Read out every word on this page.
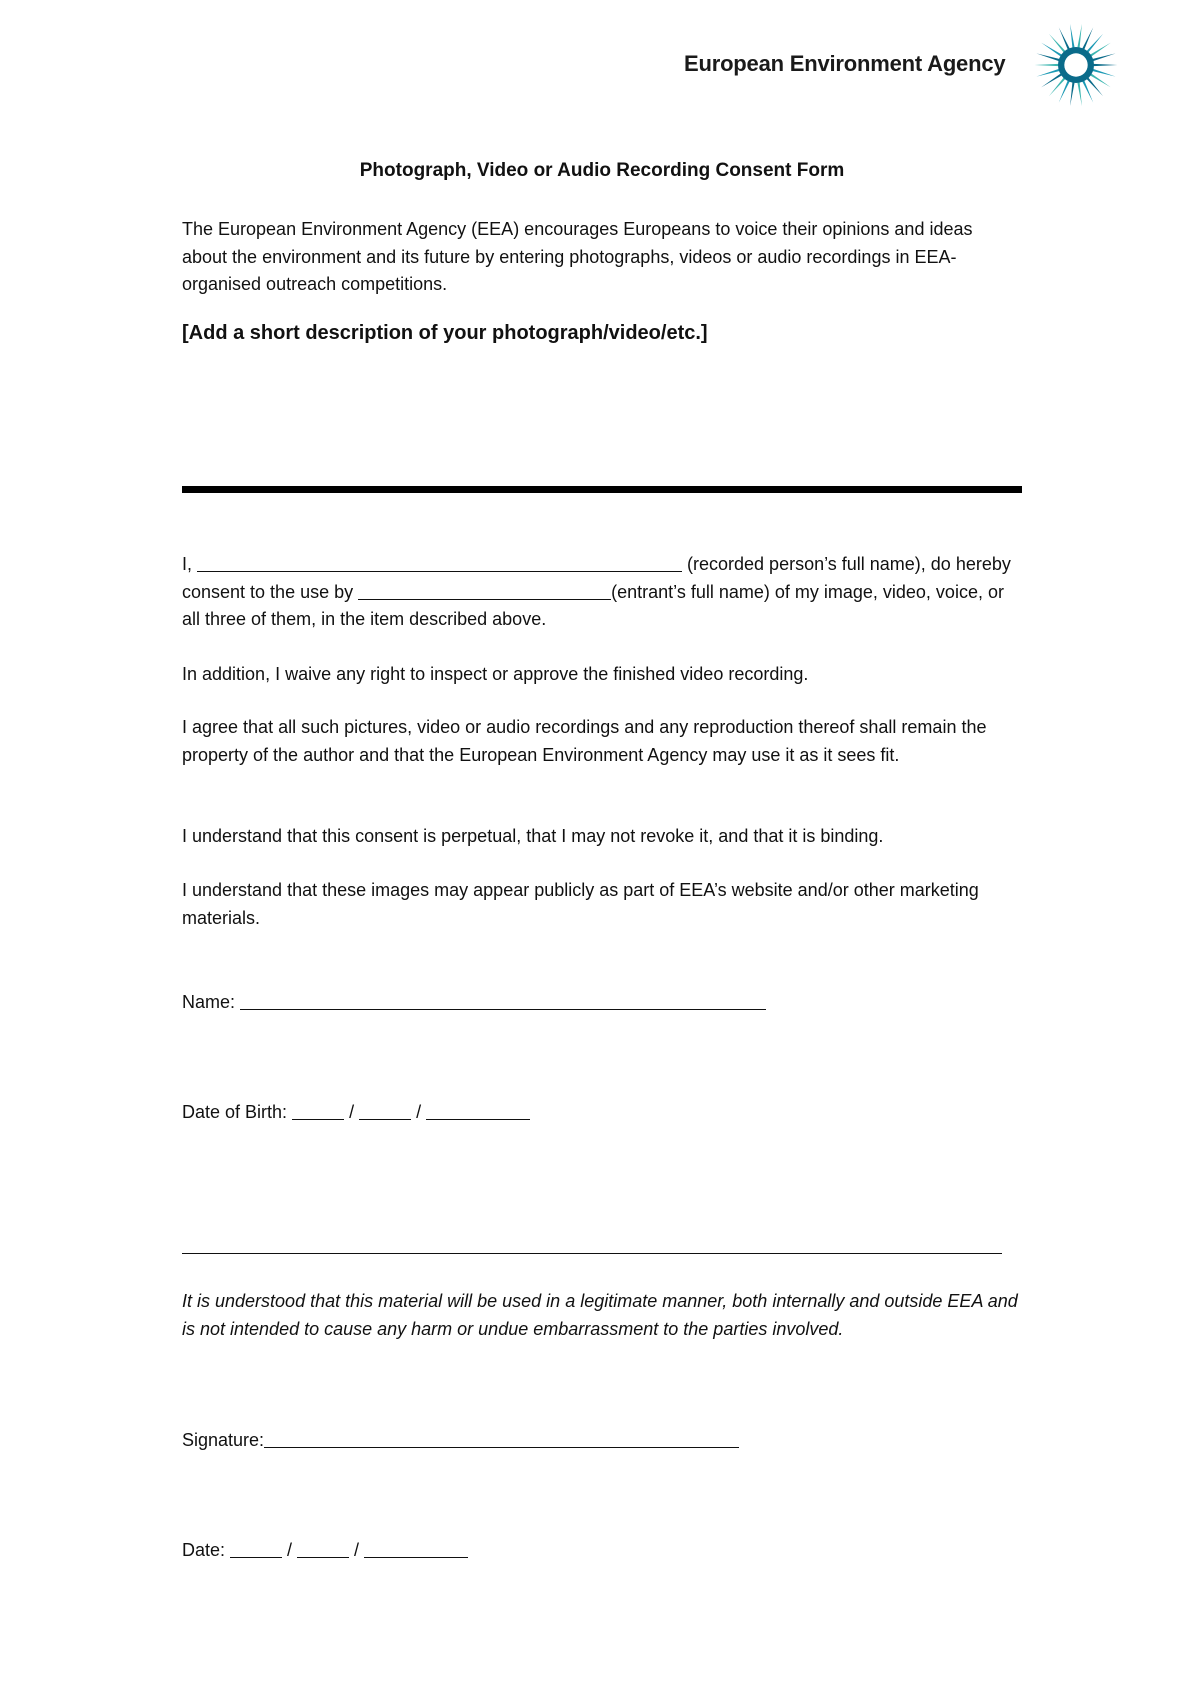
European Environment Agency
Photograph, Video or Audio Recording Consent Form

The European Environment Agency (EEA) encourages Europeans to voice their opinions and ideas about the environment and its future by entering photographs, videos or audio recordings in EEA-organised outreach competitions.

[Add a short description of your photograph/video/etc.]

I,	(recorded person’s full name), do hereby consent to the use by	(entrant’s full name) of my image, video, voice, or all three of them, in the item described above.

In addition, I waive any right to inspect or approve the finished video recording.

I agree that all such pictures, video or audio recordings and any reproduction thereof shall remain the property of the author and that the European Environment Agency may use it as it sees fit.

I understand that this consent is perpetual, that I may not revoke it, and that it is binding.

I understand that these images may appear publicly as part of EEA’s website and/or other marketing materials.

Name:
Date of Birth:	/	/

It is understood that this material will be used in a legitimate manner, both internally and outside EEA and is not intended to cause any harm or undue embarrassment to the parties involved.

Signature:
Date:	/	/
